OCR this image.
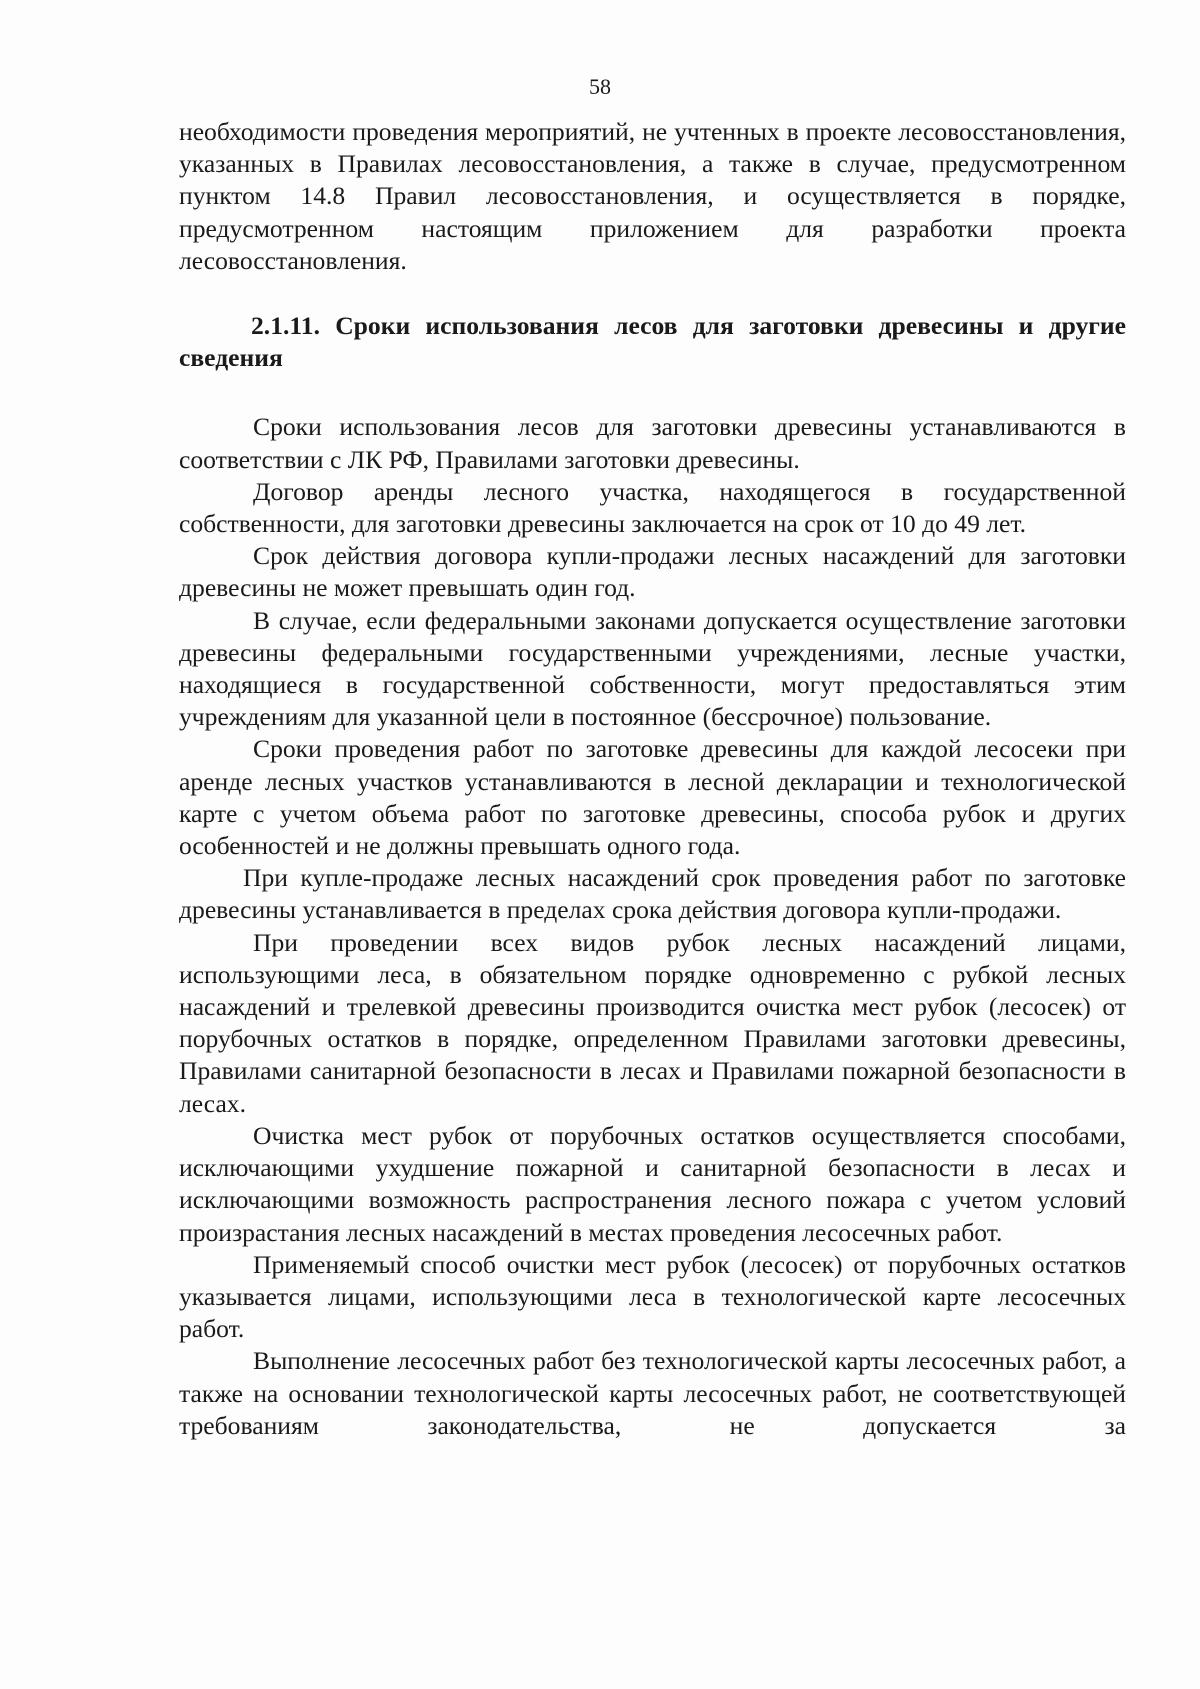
58

необходимости проведения мероприятий, не учтенных в проекте лесовосстановления, указанных в Правилах лесовосстановления, а также в случае, предусмотренном пунктом 14.8 Правил лесовосстановления, и осуществляется в порядке, предусмотренном настоящим приложением для разработки проекта лесовосстановления.

2.1.11. Сроки использования лесов для заготовки древесины и другие сведения

Сроки использования лесов для заготовки древесины устанавливаются в соответствии с ЛК РФ, Правилами заготовки древесины.

Договор аренды лесного участка, находящегося в государственной собственности, для заготовки древесины заключается на срок от 10 до 49 лет.

Срок действия договора купли-продажи лесных насаждений для заготовки древесины не может превышать один год.

В случае, если федеральными законами допускается осуществление заготовки древесины федеральными государственными учреждениями, лесные участки, находящиеся в государственной собственности, могут предоставляться этим учреждениям для указанной цели в постоянное (бессрочное) пользование.

Сроки проведения работ по заготовке древесины для каждой лесосеки при аренде лесных участков устанавливаются в лесной декларации и технологической карте с учетом объема работ по заготовке древесины, способа рубок и других особенностей и не должны превышать одного года.

При купле-продаже лесных насаждений срок проведения работ по заготовке древесины устанавливается в пределах срока действия договора купли-продажи.

При проведении всех видов рубок лесных насаждений лицами, использующими леса, в обязательном порядке одновременно с рубкой лесных насаждений и трелевкой древесины производится очистка мест рубок (лесосек) от порубочных остатков в порядке, определенном Правилами заготовки древесины, Правилами санитарной безопасности в лесах и Правилами пожарной безопасности в лесах.

Очистка мест рубок от порубочных остатков осуществляется способами, исключающими ухудшение пожарной и санитарной безопасности в лесах и исключающими возможность распространения лесного пожара с учетом условий произрастания лесных насаждений в местах проведения лесосечных работ.

Применяемый способ очистки мест рубок (лесосек) от порубочных остатков указывается лицами, использующими леса в технологической карте лесосечных работ.

Выполнение лесосечных работ без технологической карты лесосечных работ, а также на основании технологической карты лесосечных работ, не соответствующей требованиям законодательства, не допускается за
